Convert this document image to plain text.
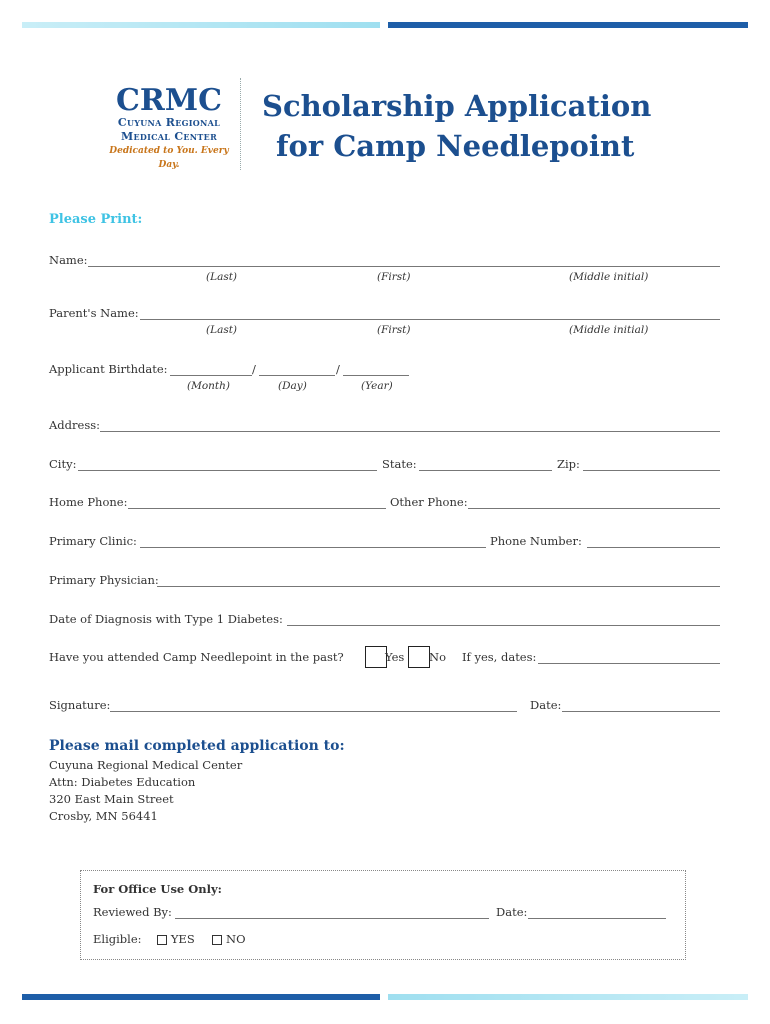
CRMC
Cuyuna Regional
Medical Center
Dedicated to You. Every Day.
Scholarship Application
for Camp Needlepoint
Please Print:
Name:
(Last)	(First)	(Middle initial)
Parent's Name:
(Last)	(First)	(Middle initial)
Applicant Birthdate:	/	/
(Month)	(Day)	(Year)
Address:
City:	State:	Zip:
Home Phone:	Other Phone:
Primary Clinic:	Phone Number:
Primary Physician:
Date of Diagnosis with Type 1 Diabetes:
Have you attended Camp Needlepoint in the past?	Yes No If yes, dates:
Signature:	Date:
Please mail completed application to:
Cuyuna Regional Medical Center
Attn: Diabetes Education
320 East Main Street
Crosby, MN 56441
For Office Use Only:
Reviewed By:	Date:
Eligible:	YES	NO
